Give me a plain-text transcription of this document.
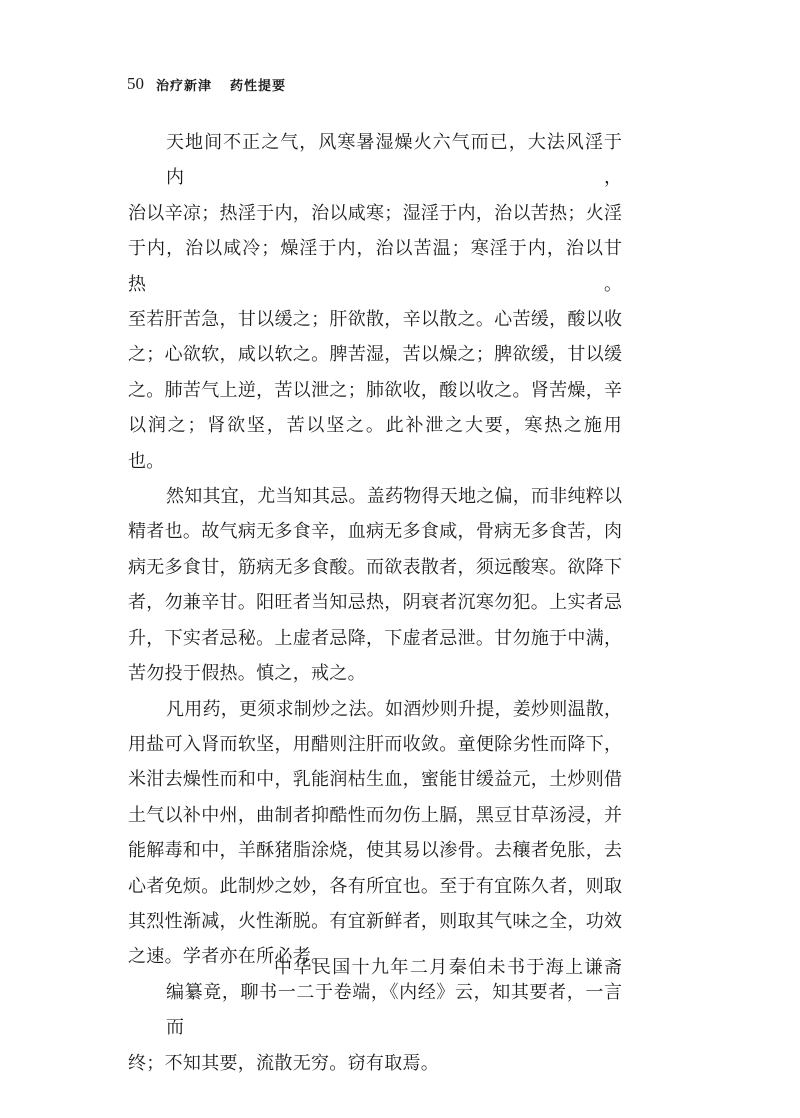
50 治疗新津 药性提要
天地间不正之气，风寒暑湿燥火六气而已，大法风淫于内，
治以辛凉；热淫于内，治以咸寒；湿淫于内，治以苦热；火淫
于内，治以咸冷；燥淫于内，治以苦温；寒淫于内，治以甘热。
至若肝苦急，甘以缓之；肝欲散，辛以散之。心苦缓，酸以收
之；心欲软，咸以软之。脾苦湿，苦以燥之；脾欲缓，甘以缓
之。肺苦气上逆，苦以泄之；肺欲收，酸以收之。肾苦燥，辛
以润之；肾欲坚，苦以坚之。此补泄之大要，寒热之施用也。
然知其宜，尤当知其忌。盖药物得天地之偏，而非纯粹以
精者也。故气病无多食辛，血病无多食咸，骨病无多食苦，肉
病无多食甘，筋病无多食酸。而欲表散者，须远酸寒。欲降下
者，勿兼辛甘。阳旺者当知忌热，阴衰者沉寒勿犯。上实者忌
升，下实者忌秘。上虚者忌降，下虚者忌泄。甘勿施于中满，
苦勿投于假热。慎之，戒之。
凡用药，更须求制炒之法。如酒炒则升提，姜炒则温散，
用盐可入肾而软坚，用醋则注肝而收敛。童便除劣性而降下，
米泔去燥性而和中，乳能润枯生血，蜜能甘缓益元，土炒则借
土气以补中州，曲制者抑酷性而勿伤上膈，黑豆甘草汤浸，并
能解毒和中，羊酥猪脂涂烧，使其易以渗骨。去穰者免胀，去
心者免烦。此制炒之妙，各有所宜也。至于有宜陈久者，则取
其烈性渐减，火性渐脱。有宜新鲜者，则取其气味之全，功效
之速。学者亦在所必考。
编纂竟，聊书一二于卷端，《内经》云，知其要者，一言而
终；不知其要，流散无穷。窃有取焉。
中华民国十九年二月秦伯未书于海上谦斋
